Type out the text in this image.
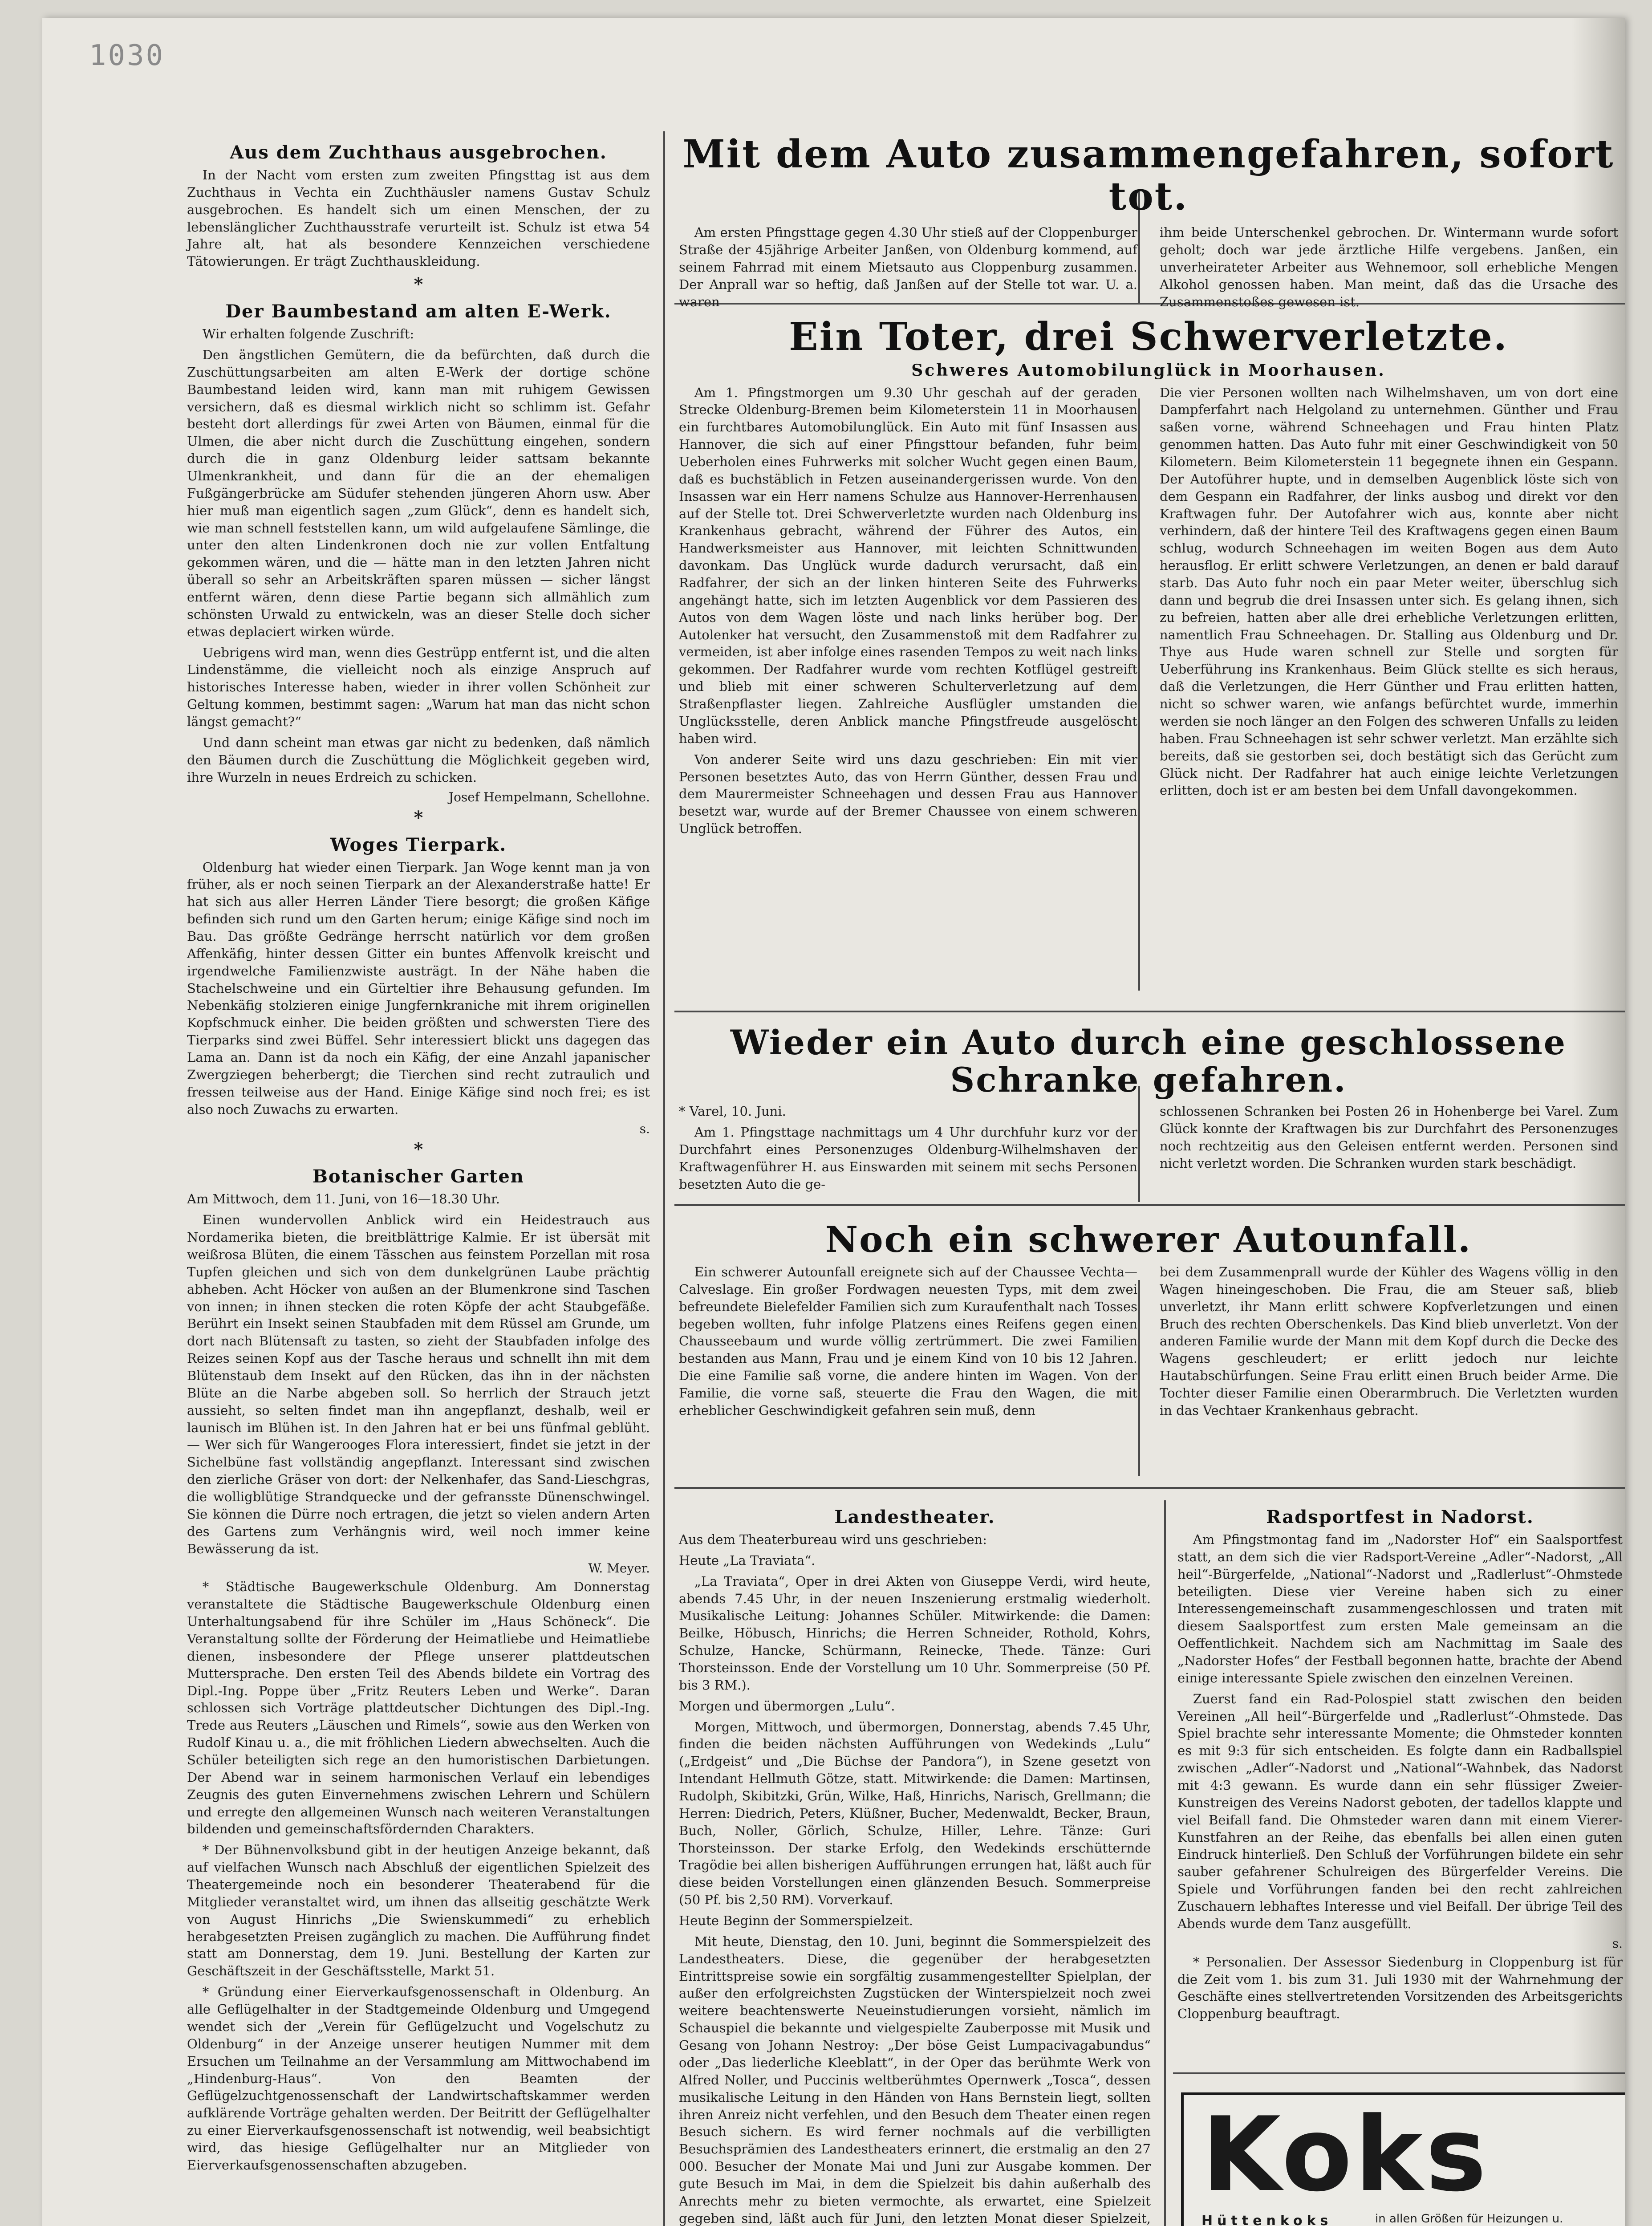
1030
Aus dem Zuchthaus ausgebrochen.

In der Nacht vom ersten zum zweiten Pfingsttag ist aus dem Zuchthaus in Vechta ein Zuchthäusler namens Gustav Schulz ausgebrochen. Es handelt sich um einen Menschen, der zu lebenslänglicher Zuchthausstrafe verurteilt ist. Schulz ist etwa 54 Jahre alt, hat als besondere Kennzeichen verschiedene Tätowierungen. Er trägt Zuchthauskleidung.

*
Der Baumbestand am alten E-Werk.

Wir erhalten folgende Zuschrift:

Den ängstlichen Gemütern, die da befürchten, daß durch die Zuschüttungsarbeiten am alten E-Werk der dortige schöne Baumbestand leiden wird, kann man mit ruhigem Gewissen versichern, daß es diesmal wirklich nicht so schlimm ist. Gefahr besteht dort allerdings für zwei Arten von Bäumen, einmal für die Ulmen, die aber nicht durch die Zuschüttung eingehen, sondern durch die in ganz Oldenburg leider sattsam bekannte Ulmenkrankheit, und dann für die an der ehemaligen Fußgängerbrücke am Südufer stehenden jüngeren Ahorn usw. Aber hier muß man eigentlich sagen „zum Glück“, denn es handelt sich, wie man schnell feststellen kann, um wild aufgelaufene Sämlinge, die unter den alten Lindenkronen doch nie zur vollen Entfaltung gekommen wären, und die — hätte man in den letzten Jahren nicht überall so sehr an Arbeitskräften sparen müssen — sicher längst entfernt wären, denn diese Partie begann sich allmählich zum schönsten Urwald zu entwickeln, was an dieser Stelle doch sicher etwas deplaciert wirken würde.

Uebrigens wird man, wenn dies Gestrüpp entfernt ist, und die alten Lindenstämme, die vielleicht noch als einzige Anspruch auf historisches Interesse haben, wieder in ihrer vollen Schönheit zur Geltung kommen, bestimmt sagen: „Warum hat man das nicht schon längst gemacht?“

Und dann scheint man etwas gar nicht zu bedenken, daß nämlich den Bäumen durch die Zuschüttung die Möglichkeit gegeben wird, ihre Wurzeln in neues Erdreich zu schicken.

Josef Hempelmann, Schellohne.
*
Woges Tierpark.

Oldenburg hat wieder einen Tierpark. Jan Woge kennt man ja von früher, als er noch seinen Tierpark an der Alexanderstraße hatte! Er hat sich aus aller Herren Länder Tiere besorgt; die großen Käfige befinden sich rund um den Garten herum; einige Käfige sind noch im Bau. Das größte Gedränge herrscht natürlich vor dem großen Affenkäfig, hinter dessen Gitter ein buntes Affenvolk kreischt und irgendwelche Familienzwiste austrägt. In der Nähe haben die Stachelschweine und ein Gürteltier ihre Behausung gefunden. Im Nebenkäfig stolzieren einige Jungfernkraniche mit ihrem originellen Kopfschmuck einher. Die beiden größten und schwersten Tiere des Tierparks sind zwei Büffel. Sehr interessiert blickt uns dagegen das Lama an. Dann ist da noch ein Käfig, der eine Anzahl japanischer Zwergziegen beherbergt; die Tierchen sind recht zutraulich und fressen teilweise aus der Hand. Einige Käfige sind noch frei; es ist also noch Zuwachs zu erwarten.

s.
*
Botanischer Garten

Am Mittwoch, dem 11. Juni, von 16—18.30 Uhr.

Einen wundervollen Anblick wird ein Heidestrauch aus Nordamerika bieten, die breitblättrige Kalmie. Er ist übersät mit weißrosa Blüten, die einem Tässchen aus feinstem Porzellan mit rosa Tupfen gleichen und sich von dem dunkelgrünen Laube prächtig abheben. Acht Höcker von außen an der Blumenkrone sind Taschen von innen; in ihnen stecken die roten Köpfe der acht Staubgefäße. Berührt ein Insekt seinen Staubfaden mit dem Rüssel am Grunde, um dort nach Blütensaft zu tasten, so zieht der Staubfaden infolge des Reizes seinen Kopf aus der Tasche heraus und schnellt ihn mit dem Blütenstaub dem Insekt auf den Rücken, das ihn in der nächsten Blüte an die Narbe abgeben soll. So herrlich der Strauch jetzt aussieht, so selten findet man ihn angepflanzt, deshalb, weil er launisch im Blühen ist. In den Jahren hat er bei uns fünfmal geblüht. — Wer sich für Wangerooges Flora interessiert, findet sie jetzt in der Sichelbüne fast vollständig angepflanzt. Interessant sind zwischen den zierliche Gräser von dort: der Nelkenhafer, das Sand-Lieschgras, die wolligblütige Strandquecke und der gefransste Dünenschwingel. Sie können die Dürre noch ertragen, die jetzt so vielen andern Arten des Gartens zum Verhängnis wird, weil noch immer keine Bewässerung da ist.

W. Meyer.

* Städtische Baugewerkschule Oldenburg. Am Donnerstag veranstaltete die Städtische Baugewerkschule Oldenburg einen Unterhaltungsabend für ihre Schüler im „Haus Schöneck“. Die Veranstaltung sollte der Förderung der Heimatliebe und Heimatliebe dienen, insbesondere der Pflege unserer plattdeutschen Muttersprache. Den ersten Teil des Abends bildete ein Vortrag des Dipl.-Ing. Poppe über „Fritz Reuters Leben und Werke“. Daran schlossen sich Vorträge plattdeutscher Dichtungen des Dipl.-Ing. Trede aus Reuters „Läuschen und Rimels“, sowie aus den Werken von Rudolf Kinau u. a., die mit fröhlichen Liedern abwechselten. Auch die Schüler beteiligten sich rege an den humoristischen Darbietungen. Der Abend war in seinem harmonischen Verlauf ein lebendiges Zeugnis des guten Einvernehmens zwischen Lehrern und Schülern und erregte den allgemeinen Wunsch nach weiteren Veranstaltungen bildenden und gemeinschaftsfördernden Charakters.

* Der Bühnenvolksbund gibt in der heutigen Anzeige bekannt, daß auf vielfachen Wunsch nach Abschluß der eigentlichen Spielzeit des Theatergemeinde noch ein besonderer Theaterabend für die Mitglieder veranstaltet wird, um ihnen das allseitig geschätzte Werk von August Hinrichs „Die Swienskummedi“ zu erheblich herabgesetzten Preisen zugänglich zu machen. Die Aufführung findet statt am Donnerstag, dem 19. Juni. Bestellung der Karten zur Geschäftszeit in der Geschäftsstelle, Markt 51.

* Gründung einer Eierverkaufsgenossenschaft in Oldenburg. An alle Geflügelhalter in der Stadtgemeinde Oldenburg und Umgegend wendet sich der „Verein für Geflügelzucht und Vogelschutz zu Oldenburg“ in der Anzeige unserer heutigen Nummer mit dem Ersuchen um Teilnahme an der Versammlung am Mittwochabend im „Hindenburg-Haus“. Von den Beamten der Geflügelzuchtgenossenschaft der Landwirtschaftskammer werden aufklärende Vorträge gehalten werden. Der Beitritt der Geflügelhalter zu einer Eierverkaufsgenossenschaft ist notwendig, weil beabsichtigt wird, das hiesige Geflügelhalter nur an Mitglieder von Eierverkaufsgenossenschaften abzugeben.

Mit dem Auto zusammengefahren, sofort tot.

Am ersten Pfingsttage gegen 4.30 Uhr stieß auf der Cloppenburger Straße der 45jährige Arbeiter Janßen, von Oldenburg kommend, auf seinem Fahrrad mit einem Mietsauto aus Cloppenburg zusammen. Der Anprall war so heftig, daß Janßen auf der Stelle tot war. U. a. waren

ihm beide Unterschenkel gebrochen. Dr. Wintermann wurde sofort geholt; doch war jede ärztliche Hilfe vergebens. Janßen, ein unverheirateter Arbeiter aus Wehnemoor, soll erhebliche Mengen Alkohol genossen haben. Man meint, daß das die Ursache des Zusammenstoßes gewesen ist.

Ein Toter, drei Schwerverletzte.
Schweres Automobilunglück in Moorhausen.

Am 1. Pfingstmorgen um 9.30 Uhr geschah auf der geraden Strecke Oldenburg-Bremen beim Kilometerstein 11 in Moorhausen ein furchtbares Automobilunglück. Ein Auto mit fünf Insassen aus Hannover, die sich auf einer Pfingsttour befanden, fuhr beim Ueberholen eines Fuhrwerks mit solcher Wucht gegen einen Baum, daß es buchstäblich in Fetzen auseinandergerissen wurde. Von den Insassen war ein Herr namens Schulze aus Hannover-Herrenhausen auf der Stelle tot. Drei Schwerverletzte wurden nach Oldenburg ins Krankenhaus gebracht, während der Führer des Autos, ein Handwerksmeister aus Hannover, mit leichten Schnittwunden davonkam. Das Unglück wurde dadurch verursacht, daß ein Radfahrer, der sich an der linken hinteren Seite des Fuhrwerks angehängt hatte, sich im letzten Augenblick vor dem Passieren des Autos von dem Wagen löste und nach links herüber bog. Der Autolenker hat versucht, den Zusammenstoß mit dem Radfahrer zu vermeiden, ist aber infolge eines rasenden Tempos zu weit nach links gekommen. Der Radfahrer wurde vom rechten Kotflügel gestreift und blieb mit einer schweren Schulterverletzung auf dem Straßenpflaster liegen. Zahlreiche Ausflügler umstanden die Unglücksstelle, deren Anblick manche Pfingstfreude ausgelöscht haben wird.

Von anderer Seite wird uns dazu geschrieben: Ein mit vier Personen besetztes Auto, das von Herrn Günther, dessen Frau und dem Maurermeister Schneehagen und dessen Frau aus Hannover besetzt war, wurde auf der Bremer Chaussee von einem schweren Unglück betroffen.

Die vier Personen wollten nach Wilhelmshaven, um von dort eine Dampferfahrt nach Helgoland zu unternehmen. Günther und Frau saßen vorne, während Schneehagen und Frau hinten Platz genommen hatten. Das Auto fuhr mit einer Geschwindigkeit von 50 Kilometern. Beim Kilometerstein 11 begegnete ihnen ein Gespann. Der Autoführer hupte, und in demselben Augenblick löste sich von dem Gespann ein Radfahrer, der links ausbog und direkt vor den Kraftwagen fuhr. Der Autofahrer wich aus, konnte aber nicht verhindern, daß der hintere Teil des Kraftwagens gegen einen Baum schlug, wodurch Schneehagen im weiten Bogen aus dem Auto herausflog. Er erlitt schwere Verletzungen, an denen er bald darauf starb. Das Auto fuhr noch ein paar Meter weiter, überschlug sich dann und begrub die drei Insassen unter sich. Es gelang ihnen, sich zu befreien, hatten aber alle drei erhebliche Verletzungen erlitten, namentlich Frau Schneehagen. Dr. Stalling aus Oldenburg und Dr. Thye aus Hude waren schnell zur Stelle und sorgten für Ueberführung ins Krankenhaus. Beim Glück stellte es sich heraus, daß die Verletzungen, die Herr Günther und Frau erlitten hatten, nicht so schwer waren, wie anfangs befürchtet wurde, immerhin werden sie noch länger an den Folgen des schweren Unfalls zu leiden haben. Frau Schneehagen ist sehr schwer verletzt. Man erzählte sich bereits, daß sie gestorben sei, doch bestätigt sich das Gerücht zum Glück nicht. Der Radfahrer hat auch einige leichte Verletzungen erlitten, doch ist er am besten bei dem Unfall davongekommen.

Wieder ein Auto durch eine geschlossene Schranke gefahren.

* Varel, 10. Juni.

Am 1. Pfingsttage nachmittags um 4 Uhr durchfuhr kurz vor der Durchfahrt eines Personenzuges Oldenburg-Wilhelmshaven der Kraftwagenführer H. aus Einswarden mit seinem mit sechs Personen besetzten Auto die ge-

schlossenen Schranken bei Posten 26 in Hohenberge bei Varel. Zum Glück konnte der Kraftwagen bis zur Durchfahrt des Personenzuges noch rechtzeitig aus den Geleisen entfernt werden. Personen sind nicht verletzt worden. Die Schranken wurden stark beschädigt.

Noch ein schwerer Autounfall.

Ein schwerer Autounfall ereignete sich auf der Chaussee Vechta—Calveslage. Ein großer Fordwagen neuesten Typs, mit dem zwei befreundete Bielefelder Familien sich zum Kuraufenthalt nach Tosses begeben wollten, fuhr infolge Platzens eines Reifens gegen einen Chausseebaum und wurde völlig zertrümmert. Die zwei Familien bestanden aus Mann, Frau und je einem Kind von 10 bis 12 Jahren. Die eine Familie saß vorne, die andere hinten im Wagen. Von der Familie, die vorne saß, steuerte die Frau den Wagen, die mit erheblicher Geschwindigkeit gefahren sein muß, denn

bei dem Zusammenprall wurde der Kühler des Wagens völlig in den Wagen hineingeschoben. Die Frau, die am Steuer saß, blieb unverletzt, ihr Mann erlitt schwere Kopfverletzungen und einen Bruch des rechten Oberschenkels. Das Kind blieb unverletzt. Von der anderen Familie wurde der Mann mit dem Kopf durch die Decke des Wagens geschleudert; er erlitt jedoch nur leichte Hautabschürfungen. Seine Frau erlitt einen Bruch beider Arme. Die Tochter dieser Familie einen Oberarmbruch. Die Verletzten wurden in das Vechtaer Krankenhaus gebracht.

Landestheater.

Aus dem Theaterbureau wird uns geschrieben:

Heute „La Traviata“.

„La Traviata“, Oper in drei Akten von Giuseppe Verdi, wird heute, abends 7.45 Uhr, in der neuen Inszenierung erstmalig wiederholt. Musikalische Leitung: Johannes Schüler. Mitwirkende: die Damen: Beilke, Höbusch, Hinrichs; die Herren Schneider, Rothold, Kohrs, Schulze, Hancke, Schürmann, Reinecke, Thede. Tänze: Guri Thorsteinsson. Ende der Vorstellung um 10 Uhr. Sommerpreise (50 Pf. bis 3 RM.).

Morgen und übermorgen „Lulu“.

Morgen, Mittwoch, und übermorgen, Donnerstag, abends 7.45 Uhr, finden die beiden nächsten Aufführungen von Wedekinds „Lulu“ („Erdgeist“ und „Die Büchse der Pandora“), in Szene gesetzt von Intendant Hellmuth Götze, statt. Mitwirkende: die Damen: Martinsen, Rudolph, Skibitzki, Grün, Wilke, Haß, Hinrichs, Narisch, Grellmann; die Herren: Diedrich, Peters, Klüßner, Bucher, Medenwaldt, Becker, Braun, Buch, Noller, Görlich, Schulze, Hiller, Lehre. Tänze: Guri Thorsteinsson. Der starke Erfolg, den Wedekinds erschütternde Tragödie bei allen bisherigen Aufführungen errungen hat, läßt auch für diese beiden Vorstellungen einen glänzenden Besuch. Sommerpreise (50 Pf. bis 2,50 RM). Vorverkauf.

Heute Beginn der Sommerspielzeit.

Mit heute, Dienstag, den 10. Juni, beginnt die Sommerspielzeit des Landestheaters. Diese, die gegenüber der herabgesetzten Eintrittspreise sowie ein sorgfältig zusammengestellter Spielplan, der außer den erfolgreichsten Zugstücken der Winterspielzeit noch zwei weitere beachtenswerte Neueinstudierungen vorsieht, nämlich im Schauspiel die bekannte und vielgespielte Zauberposse mit Musik und Gesang von Johann Nestroy: „Der böse Geist Lumpacivagabundus“ oder „Das liederliche Kleeblatt“, in der Oper das berühmte Werk von Alfred Noller, und Puccinis weltberühmtes Opernwerk „Tosca“, dessen musikalische Leitung in den Händen von Hans Bernstein liegt, sollten ihren Anreiz nicht verfehlen, und den Besuch dem Theater einen regen Besuch sichern. Es wird ferner nochmals auf die verbilligten Besuchsprämien des Landestheaters erinnert, die erstmalig an den 27 000. Besucher der Monate Mai und Juni zur Ausgabe kommen. Der gute Besuch im Mai, in dem die Spielzeit bis dahin außerhalb des Anrechts mehr zu bieten vermochte, als erwartet, eine Spielzeit gegeben sind, läßt auch für Juni, den letzten Monat dieser Spielzeit,

Radsportfest in Nadorst.

Am Pfingstmontag fand im „Nadorster Hof“ ein Saalsportfest statt, an dem sich die vier Radsport-Vereine „Adler“-Nadorst, „All heil“-Bürgerfelde, „National“-Nadorst und „Radlerlust“-Ohmstede beteiligten. Diese vier Vereine haben sich zu einer Interessengemeinschaft zusammengeschlossen und traten mit diesem Saalsportfest zum ersten Male gemeinsam an die Oeffentlichkeit. Nachdem sich am Nachmittag im Saale des „Nadorster Hofes“ der Festball begonnen hatte, brachte der Abend einige interessante Spiele zwischen den einzelnen Vereinen.

Zuerst fand ein Rad-Polospiel statt zwischen den beiden Vereinen „All heil“-Bürgerfelde und „Radlerlust“-Ohmstede. Das Spiel brachte sehr interessante Momente; die Ohmsteder konnten es mit 9:3 für sich entscheiden. Es folgte dann ein Radballspiel zwischen „Adler“-Nadorst und „National“-Wahnbek, das Nadorst mit 4:3 gewann. Es wurde dann ein sehr flüssiger Zweier-Kunstreigen des Vereins Nadorst geboten, der tadellos klappte und viel Beifall fand. Die Ohmsteder waren dann mit einem Vierer-Kunstfahren an der Reihe, das ebenfalls bei allen einen guten Eindruck hinterließ. Den Schluß der Vorführungen bildete ein sehr sauber gefahrener Schulreigen des Bürgerfelder Vereins. Die Spiele und Vorführungen fanden bei den recht zahlreichen Zuschauern lebhaftes Interesse und viel Beifall. Der übrige Teil des Abends wurde dem Tanz ausgefüllt.

s.

* Personalien. Der Assessor Siedenburg in Cloppenburg ist für die Zeit vom 1. bis zum 31. Juli 1930 mit der Wahrnehmung der Geschäfte eines stellvertretenden Vorsitzenden des Arbeitsgerichts Cloppenburg beauftragt.

Koks
Hüttenkoks	in allen Größen für Heizungen u.
